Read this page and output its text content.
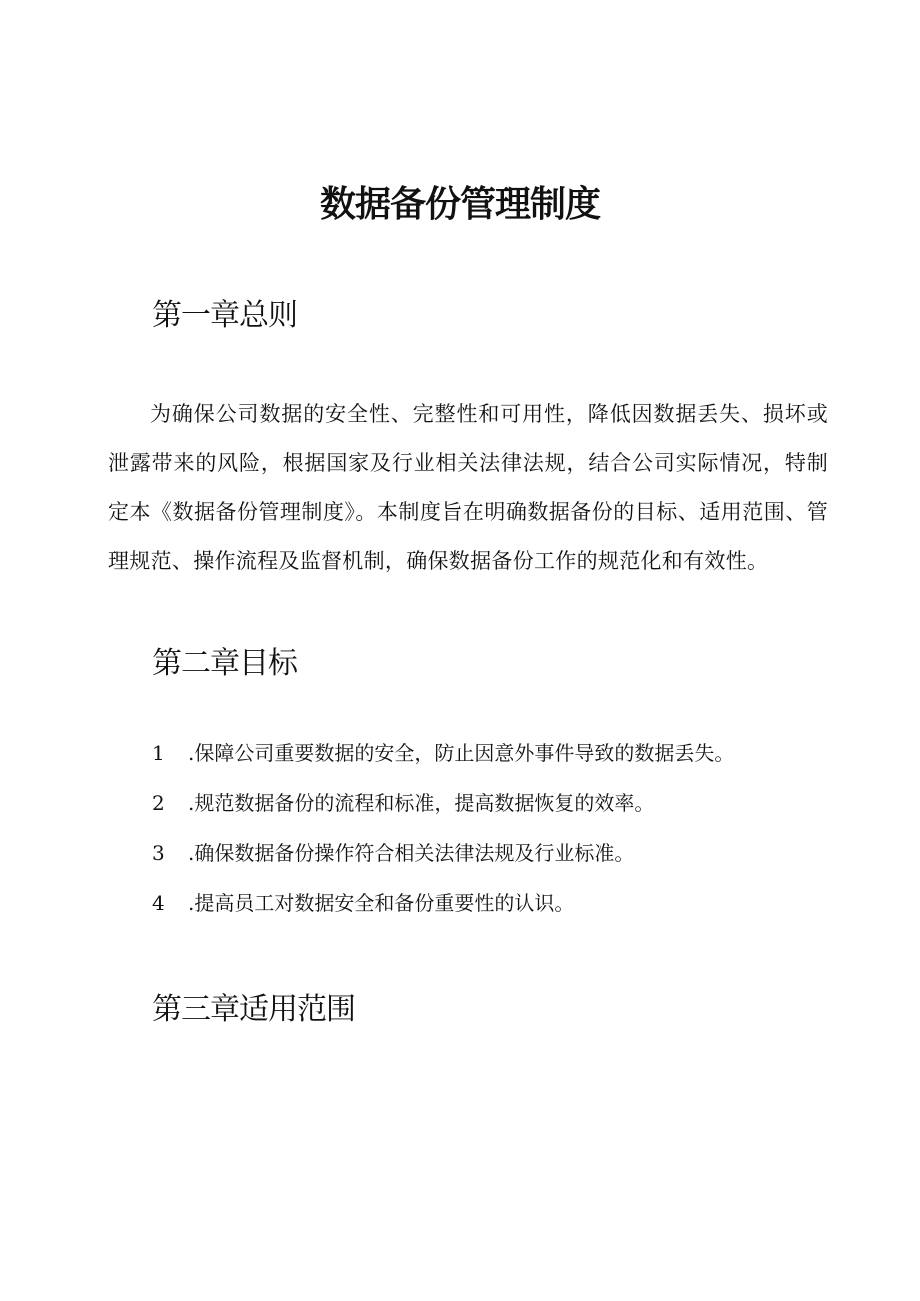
数据备份管理制度
第一章总则

为确保公司数据的安全性、完整性和可用性，降低因数据丢失、损坏或泄露带来的风险，根据国家及行业相关法律法规，结合公司实际情况，特制定本《数据备份管理制度》。本制度旨在明确数据备份的目标、适用范围、管理规范、操作流程及监督机制，确保数据备份工作的规范化和有效性。

第二章目标
1 .保障公司重要数据的安全，防止因意外事件导致的数据丢失。
2 .规范数据备份的流程和标准，提高数据恢复的效率。
3 .确保数据备份操作符合相关法律法规及行业标准。
4 .提高员工对数据安全和备份重要性的认识。
第三章适用范围
